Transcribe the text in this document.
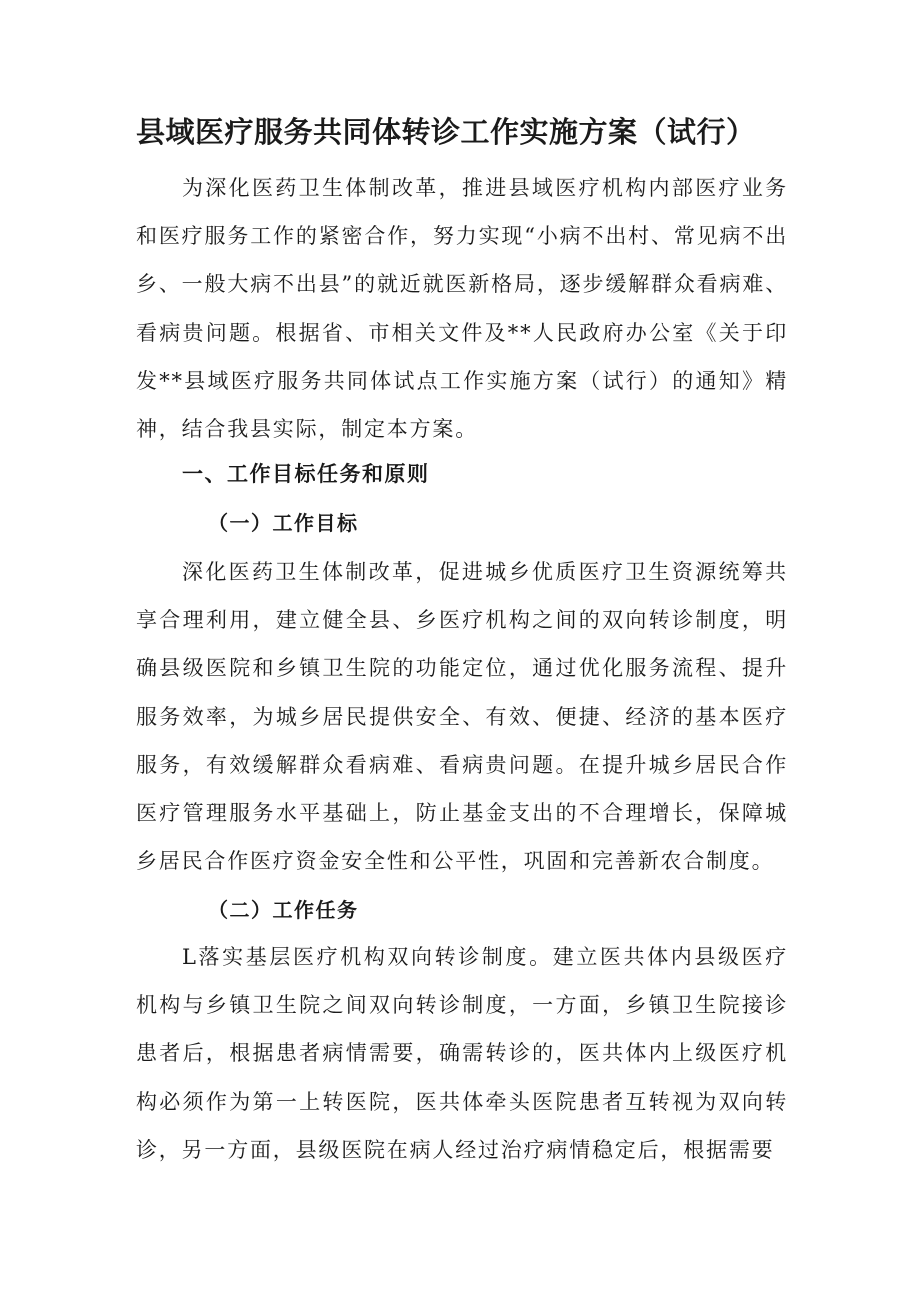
县域医疗服务共同体转诊工作实施方案（试行）

为深化医药卫生体制改革，推进县域医疗机构内部医疗业务和医疗服务工作的紧密合作，努力实现“小病不出村、常见病不出乡、一般大病不出县”的就近就医新格局，逐步缓解群众看病难、看病贵问题。根据省、市相关文件及**人民政府办公室《关于印发**县域医疗服务共同体试点工作实施方案（试行）的通知》精神，结合我县实际，制定本方案。

一、工作目标任务和原则
（一）工作目标

深化医药卫生体制改革，促进城乡优质医疗卫生资源统筹共享合理利用，建立健全县、乡医疗机构之间的双向转诊制度，明确县级医院和乡镇卫生院的功能定位，通过优化服务流程、提升服务效率，为城乡居民提供安全、有效、便捷、经济的基本医疗服务，有效缓解群众看病难、看病贵问题。在提升城乡居民合作医疗管理服务水平基础上，防止基金支出的不合理增长，保障城乡居民合作医疗资金安全性和公平性，巩固和完善新农合制度。

（二）工作任务

L落实基层医疗机构双向转诊制度。建立医共体内县级医疗机构与乡镇卫生院之间双向转诊制度，一方面，乡镇卫生院接诊患者后，根据患者病情需要，确需转诊的，医共体内上级医疗机构必须作为第一上转医院，医共体牵头医院患者互转视为双向转诊，另一方面，县级医院在病人经过治疗病情稳定后，根据需要
